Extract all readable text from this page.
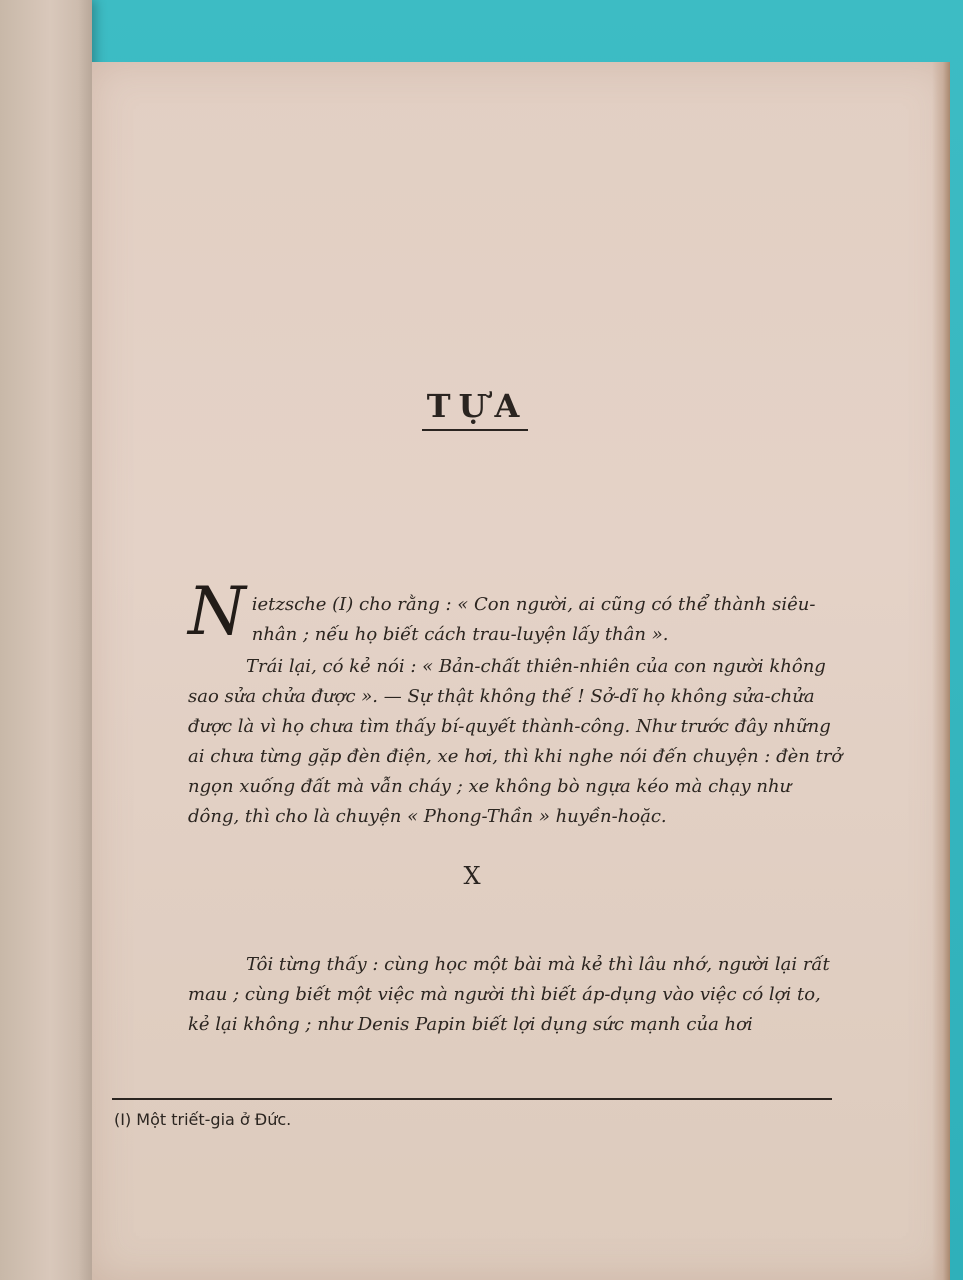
TỰA
Nietzsche (I) cho rằng : « Con người, ai cũng có thể thành siêu-nhân ; nếu họ biết cách trau-luyện lấy thân ».
Trái lại, có kẻ nói : « Bản-chất thiên-nhiên của con người không sao sửa chửa được ». — Sự thật không thế ! Sở-dĩ họ không sửa-chửa được là vì họ chưa tìm thấy bí-quyết thành-công. Như trước đây những ai chưa từng gặp đèn điện, xe hơi, thì khi nghe nói đến chuyện : đèn trở ngọn xuống đất mà vẫn cháy ; xe không bò ngựa kéo mà chạy như dông, thì cho là chuyện « Phong-Thần » huyền-hoặc.
X
Tôi từng thấy : cùng học một bài mà kẻ thì lâu nhớ, người lại rất mau ; cùng biết một việc mà người thì biết áp-dụng vào việc có lợi to, kẻ lại không ; như Denis Papin biết lợi dụng sức mạnh của hơi
(I) Một triết-gia ở Đức.
